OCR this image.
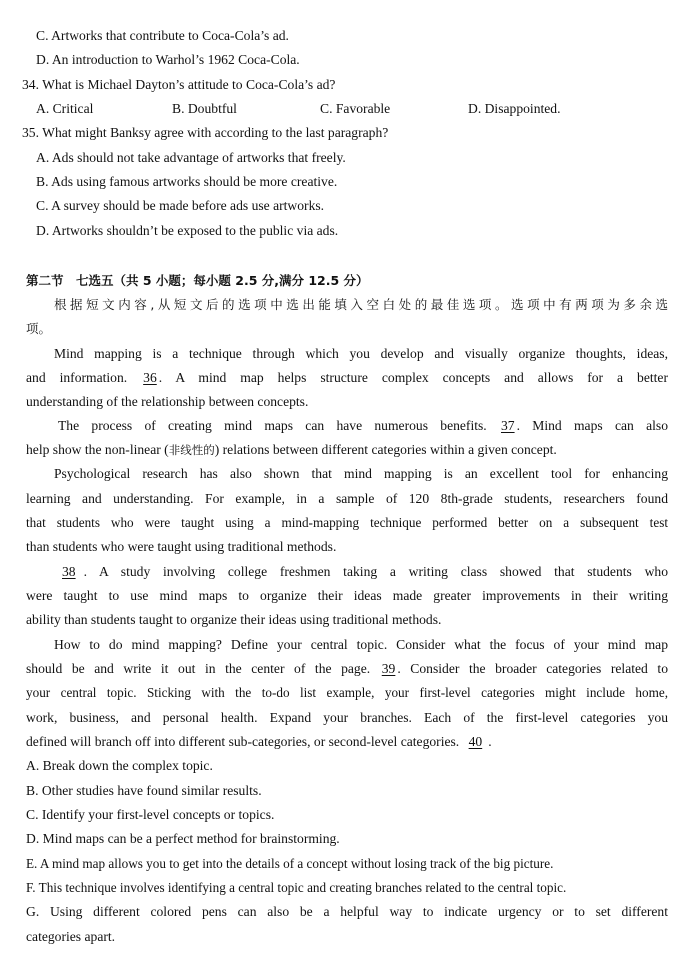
C. Artworks that contribute to Coca-Cola’s ad.
D. An introduction to Warhol’s 1962 Coca-Cola.
34. What is Michael Dayton’s attitude to Coca-Cola’s ad?
A. Critical	B. Doubtful	C. Favorable	D. Disappointed.
35. What might Banksy agree with according to the last paragraph?
A. Ads should not take advantage of artworks that freely.
B. Ads using famous artworks should be more creative.
C. A survey should be made before ads use artworks.
D. Artworks shouldn’t be exposed to the public via ads.
第二节　七选五（共 5 小题；每小题 2.5 分,满分 12.5 分）
根据短文内容,从短文后的选项中选出能填入空白处的最佳选项。选项中有两项为多余选
项。
Mind mapping is a technique through which you develop and visually organize thoughts, ideas,
and information. 36 . A mind map helps structure complex concepts and allows for a better
understanding of the relationship between concepts.
The process of creating mind maps can have numerous benefits. 37 . Mind maps can also
help show the non-linear (非线性的) relations between different categories within a given concept.
Psychological research has also shown that mind mapping is an excellent tool for enhancing
learning and understanding. For example, in a sample of 120 8th-grade students, researchers found
that students who were taught using a mind-mapping technique performed better on a subsequent test
than students who were taught using traditional methods.
38 . A study involving college freshmen taking a writing class showed that students who
were taught to use mind maps to organize their ideas made greater improvements in their writing
ability than students taught to organize their ideas using traditional methods.
How to do mind mapping? Define your central topic. Consider what the focus of your mind map
should be and write it out in the center of the page. 39 . Consider the broader categories related to
your central topic. Sticking with the to-do list example, your first-level categories might include home,
work, business, and personal health. Expand your branches. Each of the first-level categories you
defined will branch off into different sub-categories, or second-level categories. 40 .
A. Break down the complex topic.
B. Other studies have found similar results.
C. Identify your first-level concepts or topics.
D. Mind maps can be a perfect method for brainstorming.
E. A mind map allows you to get into the details of a concept without losing track of the big picture.
F. This technique involves identifying a central topic and creating branches related to the central topic.
G. Using different colored pens can also be a helpful way to indicate urgency or to set different
categories apart.
